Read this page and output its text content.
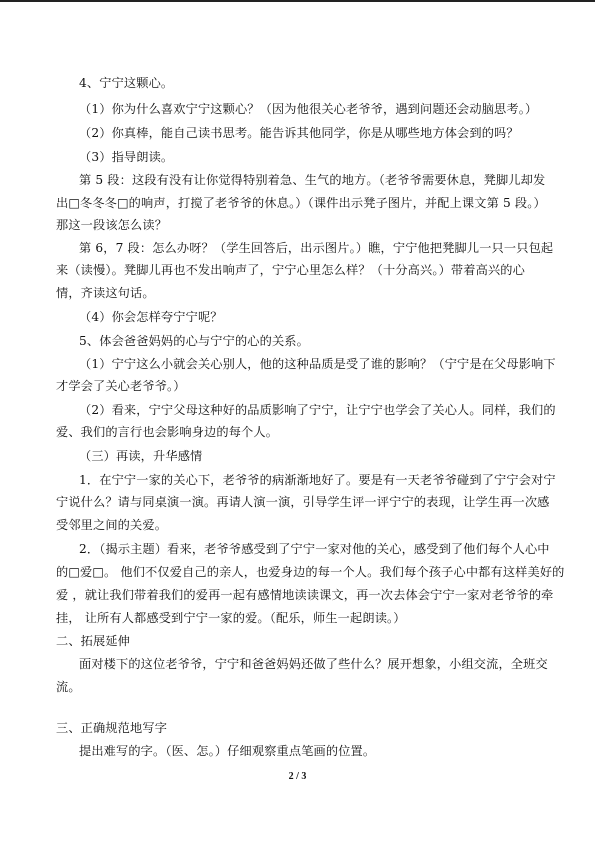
4、宁宁这颗心。
（1）你为什么喜欢宁宁这颗心？（因为他很关心老爷爷，遇到问题还会动脑思考。）
（2）你真棒，能自己读书思考。能告诉其他同学，你是从哪些地方体会到的吗？
（3）指导朗读。
第 5 段：这段有没有让你觉得特别着急、生气的地方。（老爷爷需要休息，凳脚儿却发
出□冬冬冬□的响声，打搅了老爷爷的休息。）（课件出示凳子图片，并配上课文第 5 段。）
那这一段该怎么读？
第 6，7 段：怎么办呀？（学生回答后，出示图片。）瞧，宁宁他把凳脚儿一只一只包起
来（读慢）。凳脚儿再也不发出响声了，宁宁心里怎么样？（十分高兴。）带着高兴的心
情，齐读这句话。
（4）你会怎样夸宁宁呢？
5、体会爸爸妈妈的心与宁宁的心的关系。
（1）宁宁这么小就会关心别人，他的这种品质是受了谁的影响？（宁宁是在父母影响下
才学会了关心老爷爷。）
（2）看来，宁宁父母这种好的品质影响了宁宁，让宁宁也学会了关心人。同样，我们的
爱、我们的言行也会影响身边的每个人。
（三）再读，升华感情
1．在宁宁一家的关心下，老爷爷的病渐渐地好了。要是有一天老爷爷碰到了宁宁会对宁
宁说什么？请与同桌演一演。再请人演一演，引导学生评一评宁宁的表现，让学生再一次感
受邻里之间的关爱。
2．（揭示主题）看来，老爷爷感受到了宁宁一家对他的关心，感受到了他们每个人心中
的□爱□。 他们不仅爱自己的亲人，也爱身边的每一个人。我们每个孩子心中都有这样美好的
爱 ，就让我们带着我们的爱再一起有感情地读读课文，再一次去体会宁宁一家对老爷爷的牵
挂， 让所有人都感受到宁宁一家的爱。（配乐，师生一起朗读。）
二、拓展延伸
面对楼下的这位老爷爷，宁宁和爸爸妈妈还做了些什么？展开想象，小组交流，全班交
流。
三、正确规范地写字
提出难写的字。（医、怎。）仔细观察重点笔画的位置。
2 / 3
